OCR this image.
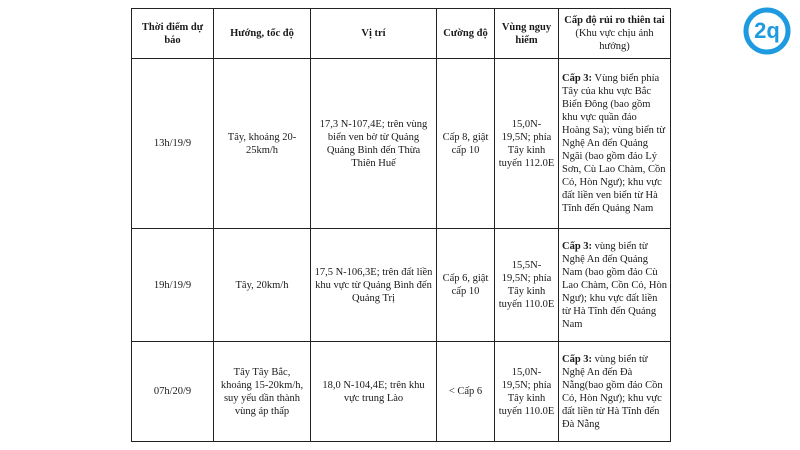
Thời điểm dự báo	Hướng, tốc độ	Vị trí	Cường độ	Vùng nguy hiểm	Cấp độ rủi ro thiên tai
(Khu vực chịu ảnh hưởng)

13h/19/9	Tây, khoảng 20-25km/h	17,3 N-107,4E; trên vùng biển ven bờ từ Quảng Quảng Bình đến Thừa Thiên Huế	Cấp 8, giật cấp 10	15,0N-19,5N; phía Tây kinh tuyến 112.0E	Cấp 3: Vùng biển phía Tây của khu vực Bắc Biển Đông (bao gồm khu vực quần đảo Hoàng Sa); vùng biển từ Nghệ An đến Quảng Ngãi (bao gồm đảo Lý Sơn, Cù Lao Chàm, Cồn Cỏ, Hòn Ngư); khu vực đất liền ven biển từ Hà Tĩnh đến Quảng Nam
19h/19/9	Tây, 20km/h	17,5 N-106,3E; trên đất liền khu vực từ Quảng Bình đến Quảng Trị	Cấp 6, giật cấp 10	15,5N-19,5N; phía Tây kinh tuyến 110.0E	Cấp 3: vùng biển từ Nghệ An đến Quảng Nam (bao gồm đảo Cù Lao Chàm, Cồn Cỏ, Hòn Ngư); khu vực đất liền từ Hà Tĩnh đến Quảng Nam
07h/20/9	Tây Tây Bắc, khoảng 15-20km/h, suy yếu dần thành vùng áp thấp	18,0 N-104,4E; trên khu vực trung Lào	< Cấp 6	15,0N-19,5N; phía Tây kinh tuyến 110.0E	Cấp 3: vùng biển từ Nghệ An đến Đà Nẵng(bao gồm đảo Cồn Cỏ, Hòn Ngư); khu vực đất liền từ Hà Tĩnh đến Đà Nẵng
2q
